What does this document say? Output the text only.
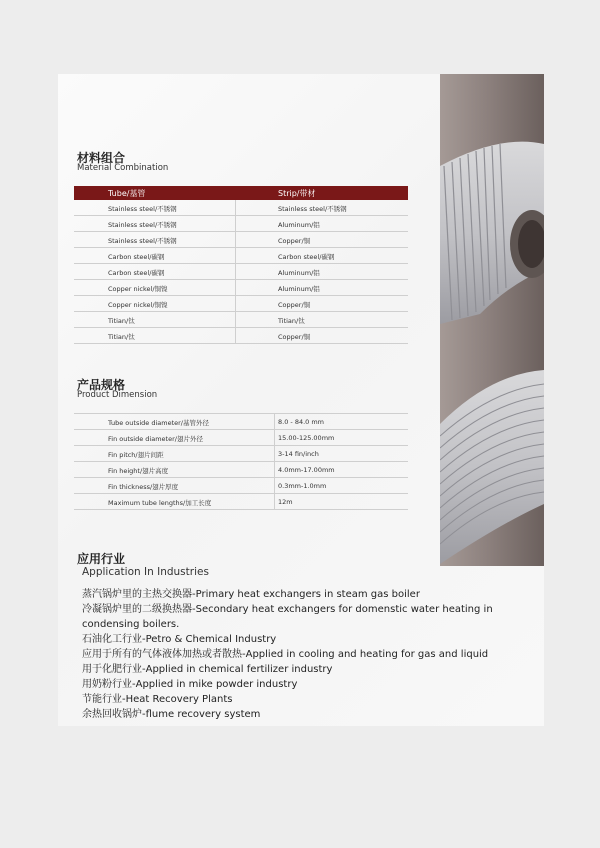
材料组合
Material Combination
Tube/基管	Strip/带材
Stainless steel/不锈钢	Stainless steel/不锈钢
Stainless steel/不锈钢	Aluminum/铝
Stainless steel/不锈钢	Copper/铜
Carbon steel/碳钢	Carbon steel/碳钢
Carbon steel/碳钢	Aluminum/铝
Copper nickel/铜镍	Aluminum/铝
Copper nickel/铜镍	Copper/铜
Titian/钛	Titian/钛
Titian/钛	Copper/铜
产品规格
Product Dimension
Tube outside diameter/基管外径	8.0 - 84.0 mm
Fin outside diameter/翅片外径	15.00-125.00mm
Fin pitch/翅片间距	3-14 fin/inch
Fin height/翅片高度	4.0mm-17.00mm
Fin thickness/翅片厚度	0.3mm-1.0mm
Maximum tube lengths/加工长度	12m
应用行业
Application In Industries
蒸汽锅炉里的主热交换器-Primary heat exchangers in steam gas boiler
冷凝锅炉里的二级换热器-Secondary heat exchangers for domenstic water heating in
condensing boilers.
石油化工行业-Petro & Chemical Industry
应用于所有的气体液体加热或者散热-Applied in cooling and heating for gas and liquid
用于化肥行业-Applied in chemical fertilizer industry
用奶粉行业-Applied in mike powder industry
节能行业-Heat Recovery Plants
余热回收锅炉-flume recovery system
